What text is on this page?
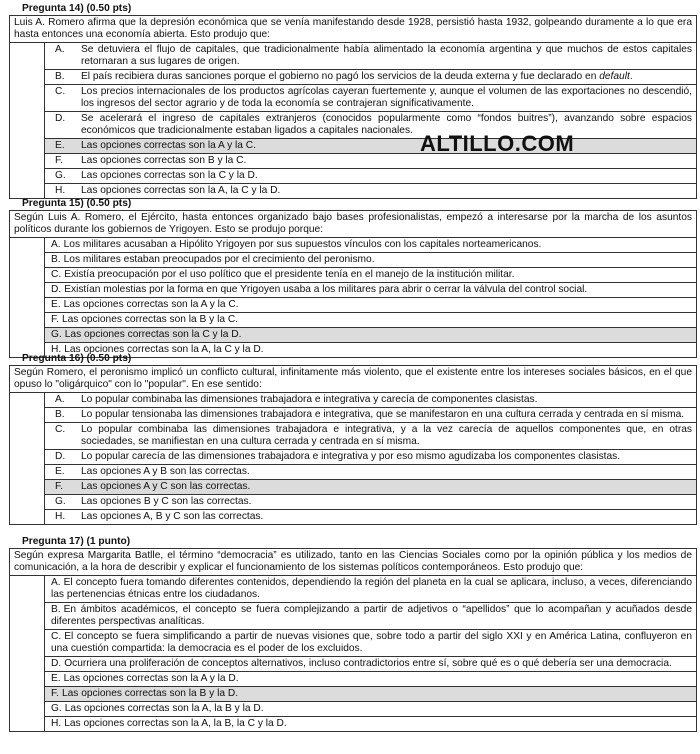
Pregunta 14) (0.50 pts)
Luis A. Romero afirma que la depresión económica que se venía manifestando desde 1928, persistió hasta 1932, golpeando duramente a lo que era hasta entonces una economía abierta. Esto produjo que:
A. Se detuviera el flujo de capitales, que tradicionalmente había alimentado la economía argentina y que muchos de estos capitales retornaran a sus lugares de origen.
B. El país recibiera duras sanciones porque el gobierno no pagó los servicios de la deuda externa y fue declarado en default.
C. Los precios internacionales de los productos agrícolas cayeran fuertemente y, aunque el volumen de las exportaciones no descendió, los ingresos del sector agrario y de toda la economía se contrajeran significativamente.
D. Se acelerará el ingreso de capitales extranjeros (conocidos popularmente como “fondos buitres”), avanzando sobre espacios económicos que tradicionalmente estaban ligados a capitales nacionales.
E. Las opciones correctas son la A y la C.
F. Las opciones correctas son B y la C.
G. Las opciones correctas son la C y la D.
H. Las opciones correctas son la A, la C y la D.
ALTILLO.COM
Pregunta 15) (0.50 pts)
Según Luis A. Romero, el Ejército, hasta entonces organizado bajo bases profesionalistas, empezó a interesarse por la marcha de los asuntos políticos durante los gobiernos de Yrigoyen. Esto se produjo porque:
A. Los militares acusaban a Hipólito Yrigoyen por sus supuestos vínculos con los capitales norteamericanos.
B. Los militares estaban preocupados por el crecimiento del peronismo.
C. Existía preocupación por el uso político que el presidente tenía en el manejo de la institución militar.
D. Existían molestias por la forma en que Yrigoyen usaba a los militares para abrir o cerrar la válvula del control social.
E. Las opciones correctas son la A y la C.
F. Las opciones correctas son la B y la C.
G. Las opciones correctas son la C y la D.
H. Las opciones correctas son la A, la C y la D.
Pregunta 16) (0.50 pts)
Según Romero, el peronismo implicó un conflicto cultural, infinitamente más violento, que el existente entre los intereses sociales básicos, en el que opuso lo "oligárquico" con lo "popular". En ese sentido:
A. Lo popular combinaba las dimensiones trabajadora e integrativa y carecía de componentes clasistas.
B. Lo popular tensionaba las dimensiones trabajadora e integrativa, que se manifestaron en una cultura cerrada y centrada en sí misma.
C. Lo popular combinaba las dimensiones trabajadora e integrativa, y a la vez carecía de aquellos componentes que, en otras sociedades, se manifiestan en una cultura cerrada y centrada en sí misma.
D. Lo popular carecía de las dimensiones trabajadora e integrativa y por eso mismo agudizaba los componentes clasistas.
E. Las opciones A y B son las correctas.
F. Las opciones A y C son las correctas.
G. Las opciones B y C son las correctas.
H. Las opciones A, B y C son las correctas.
Pregunta 17) (1 punto)
Según expresa Margarita Batlle, el término “democracia” es utilizado, tanto en las Ciencias Sociales como por la opinión pública y los medios de comunicación, a la hora de describir y explicar el funcionamiento de los sistemas políticos contemporáneos. Esto produjo que:
A. El concepto fuera tomando diferentes contenidos, dependiendo la región del planeta en la cual se aplicara, incluso, a veces, diferenciando las pertenencias étnicas entre los ciudadanos.
B. En ámbitos académicos, el concepto se fuera complejizando a partir de adjetivos o “apellidos” que lo acompañan y acuñados desde diferentes perspectivas analíticas.
C. El concepto se fuera simplificando a partir de nuevas visiones que, sobre todo a partir del siglo XXI y en América Latina, confluyeron en una cuestión compartida: la democracia es el poder de los excluidos.
D. Ocurriera una proliferación de conceptos alternativos, incluso contradictorios entre sí, sobre qué es o qué debería ser una democracia.
E. Las opciones correctas son la A y la D.
F. Las opciones correctas son la B y la D.
G. Las opciones correctas son la A, la B y la D.
H. Las opciones correctas son la A, la B, la C y la D.
